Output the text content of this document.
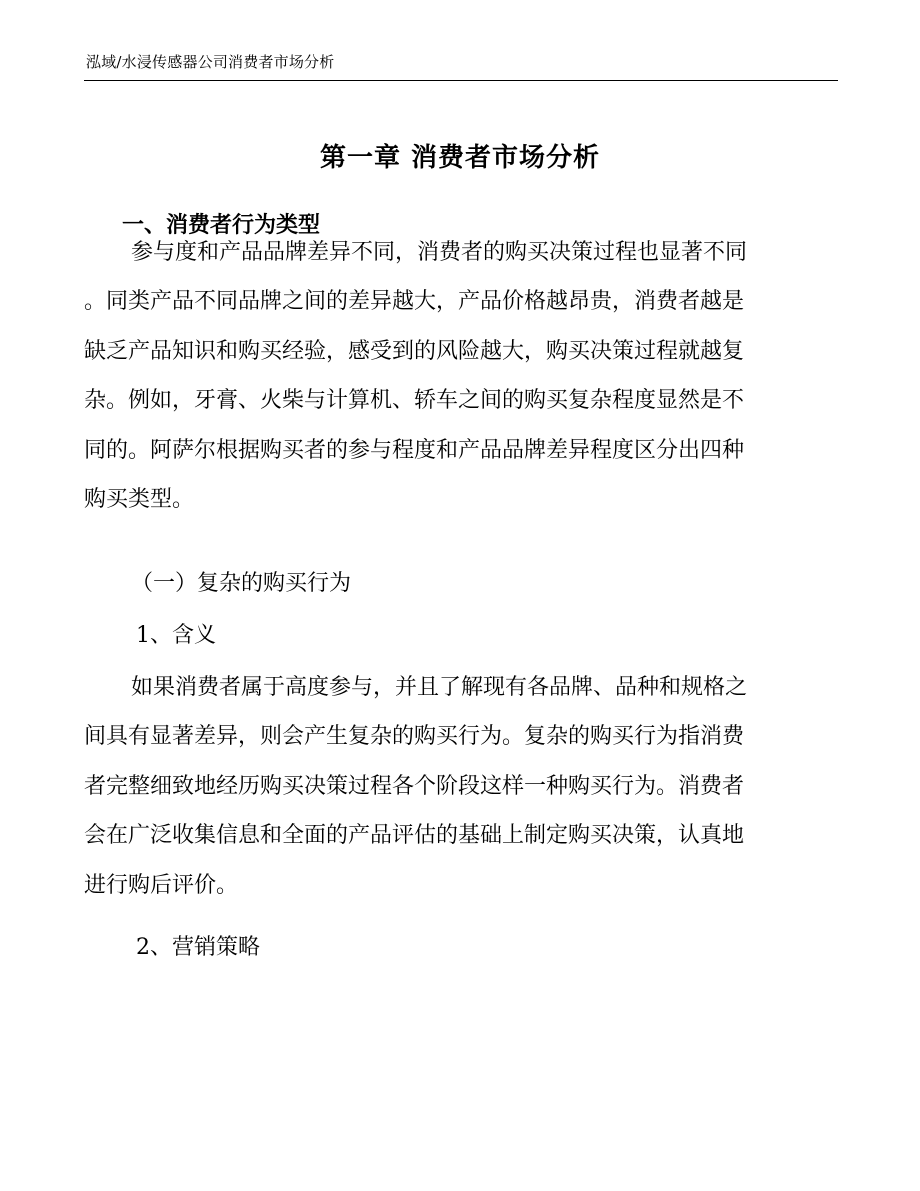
泓域/水浸传感器公司消费者市场分析
第一章 消费者市场分析
一、消费者行为类型
参与度和产品品牌差异不同，消费者的购买决策过程也显著不同
。同类产品不同品牌之间的差异越大，产品价格越昂贵，消费者越是
缺乏产品知识和购买经验，感受到的风险越大，购买决策过程就越复
杂。例如，牙膏、火柴与计算机、轿车之间的购买复杂程度显然是不
同的。阿萨尔根据购买者的参与程度和产品品牌差异程度区分出四种
购买类型。
（一）复杂的购买行为
1、含义
如果消费者属于高度参与，并且了解现有各品牌、品种和规格之
间具有显著差异，则会产生复杂的购买行为。复杂的购买行为指消费
者完整细致地经历购买决策过程各个阶段这样一种购买行为。消费者
会在广泛收集信息和全面的产品评估的基础上制定购买决策，认真地
进行购后评价。
2、营销策略
